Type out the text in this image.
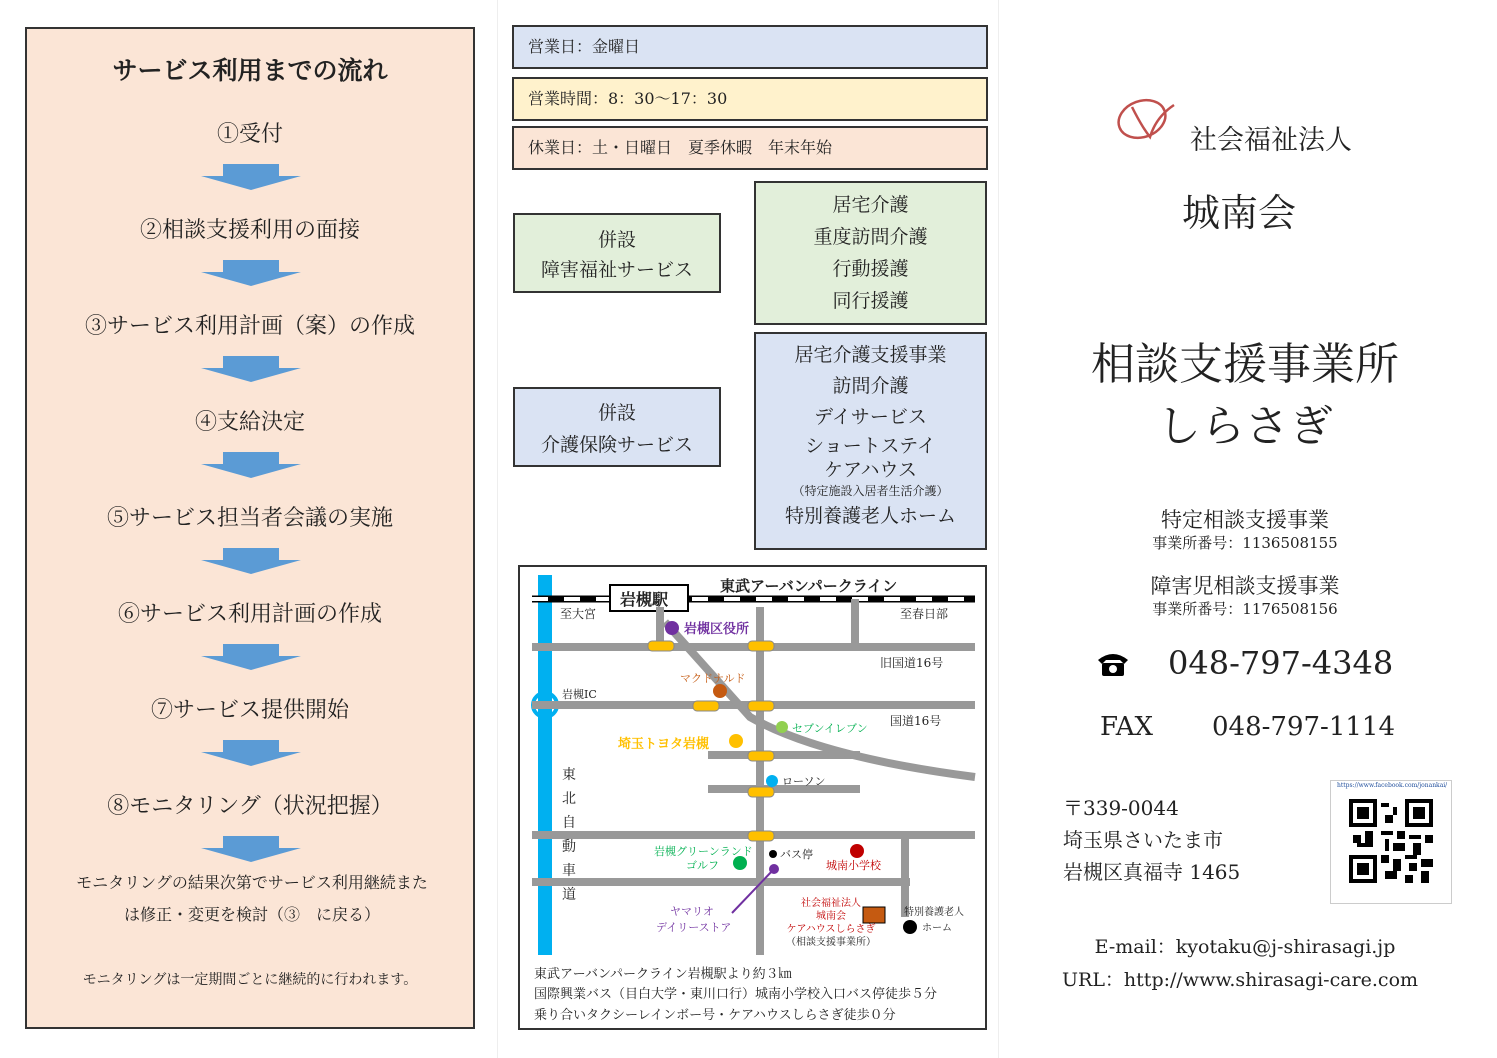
サービス利用までの流れ
①受付
②相談支援利用の面接
③サービス利用計画（案）の作成
④支給決定
⑤サービス担当者会議の実施
⑥サービス利用計画の作成
⑦サービス提供開始
⑧モニタリング（状況把握）
モニタリングの結果次第でサービス利用継続また
は修正・変更を検討（③　に戻る）
モニタリングは一定期間ごとに継続的に行われます。
営業日：金曜日
営業時間：8：30～17：30
休業日：土・日曜日　夏季休暇　年末年始
併設
障害福祉サービス
居宅介護
重度訪問介護
行動援護
同行援護
併設
介護保険サービス
居宅介護支援事業
訪問介護
デイサービス
ショートステイ
ケアハウス
（特定施設入居者生活介護）
特別養護老人ホーム
岩槻駅
東武アーバンパークライン
至大宮	至春日部
岩槻区役所
旧国道16号
国道16号
マクドナルド
岩槻IC
セブンイレブン
埼玉トヨタ岩槻
ローソン
東
北
自
動
車
道
岩槻グリーンランド
ゴルフ
バス停
城南小学校
ヤマリオ
デイリーストア
社会福祉法人
城南会
ケアハウスしらさぎ
（相談支援事業所）
特別養護老人
ホーム
東武アーバンパークライン岩槻駅より約３㎞
国際興業バス（目白大学・東川口行）城南小学校入口バス停徒歩５分
乗り合いタクシーレインボー号・ケアハウスしらさぎ徒歩０分
社会福祉法人
城南会
相談支援事業所
しらさぎ
特定相談支援事業
事業所番号：1136508155
障害児相談支援事業
事業所番号：1176508156
048-797-4348
FAX 048-797-1114
〒339-0044
埼玉県さいたま市
岩槻区真福寺 1465
https://www.facebook.com/jonankai/
E-mail：kyotaku@j-shirasagi.jp
URL：http://www.shirasagi-care.com
